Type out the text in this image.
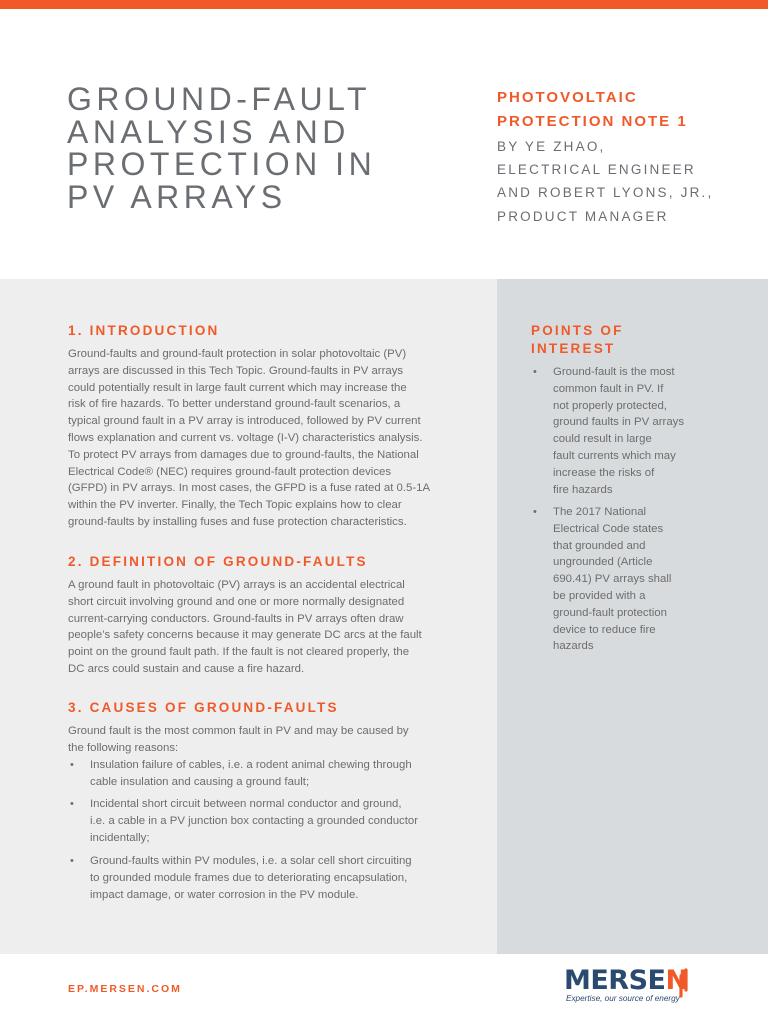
GROUND-FAULT
ANALYSIS AND
PROTECTION IN
PV ARRAYS

PHOTOVOLTAIC
PROTECTION NOTE 1

BY YE ZHAO,
ELECTRICAL ENGINEER
AND ROBERT LYONS, JR.,
PRODUCT MANAGER

1. INTRODUCTION

Ground-faults and ground-fault protection in solar photovoltaic (PV)
arrays are discussed in this Tech Topic. Ground-faults in PV arrays
could potentially result in large fault current which may increase the
risk of fire hazards. To better understand ground-fault scenarios, a
typical ground fault in a PV array is introduced, followed by PV current
flows explanation and current vs. voltage (I-V) characteristics analysis.
To protect PV arrays from damages due to ground-faults, the National
Electrical Code® (NEC) requires ground-fault protection devices
(GFPD) in PV arrays. In most cases, the GFPD is a fuse rated at 0.5-1A
within the PV inverter. Finally, the Tech Topic explains how to clear
ground-faults by installing fuses and fuse protection characteristics.

2. DEFINITION OF GROUND-FAULTS

A ground fault in photovoltaic (PV) arrays is an accidental electrical
short circuit involving ground and one or more normally designated
current-carrying conductors. Ground-faults in PV arrays often draw
people’s safety concerns because it may generate DC arcs at the fault
point on the ground fault path. If the fault is not cleared properly, the
DC arcs could sustain and cause a fire hazard.

3. CAUSES OF GROUND-FAULTS

Ground fault is the most common fault in PV and may be caused by
the following reasons:

• Insulation failure of cables, i.e. a rodent animal chewing through
cable insulation and causing a ground fault;
• Incidental short circuit between normal conductor and ground,
i.e. a cable in a PV junction box contacting a grounded conductor
incidentally;
• Ground-faults within PV modules, i.e. a solar cell short circuiting
to grounded module frames due to deteriorating encapsulation,
impact damage, or water corrosion in the PV module.
POINTS OF
INTEREST
• Ground-fault is the most
common fault in PV. If
not properly protected,
ground faults in PV arrays
could result in large
fault currents which may
increase the risks of
fire hazards
• The 2017 National
Electrical Code states
that grounded and
ungrounded (Article
690.41) PV arrays shall
be provided with a
ground-fault protection
device to reduce fire
hazards
EP.MERSEN.COM	MERSEN

Expertise, our source of energy
